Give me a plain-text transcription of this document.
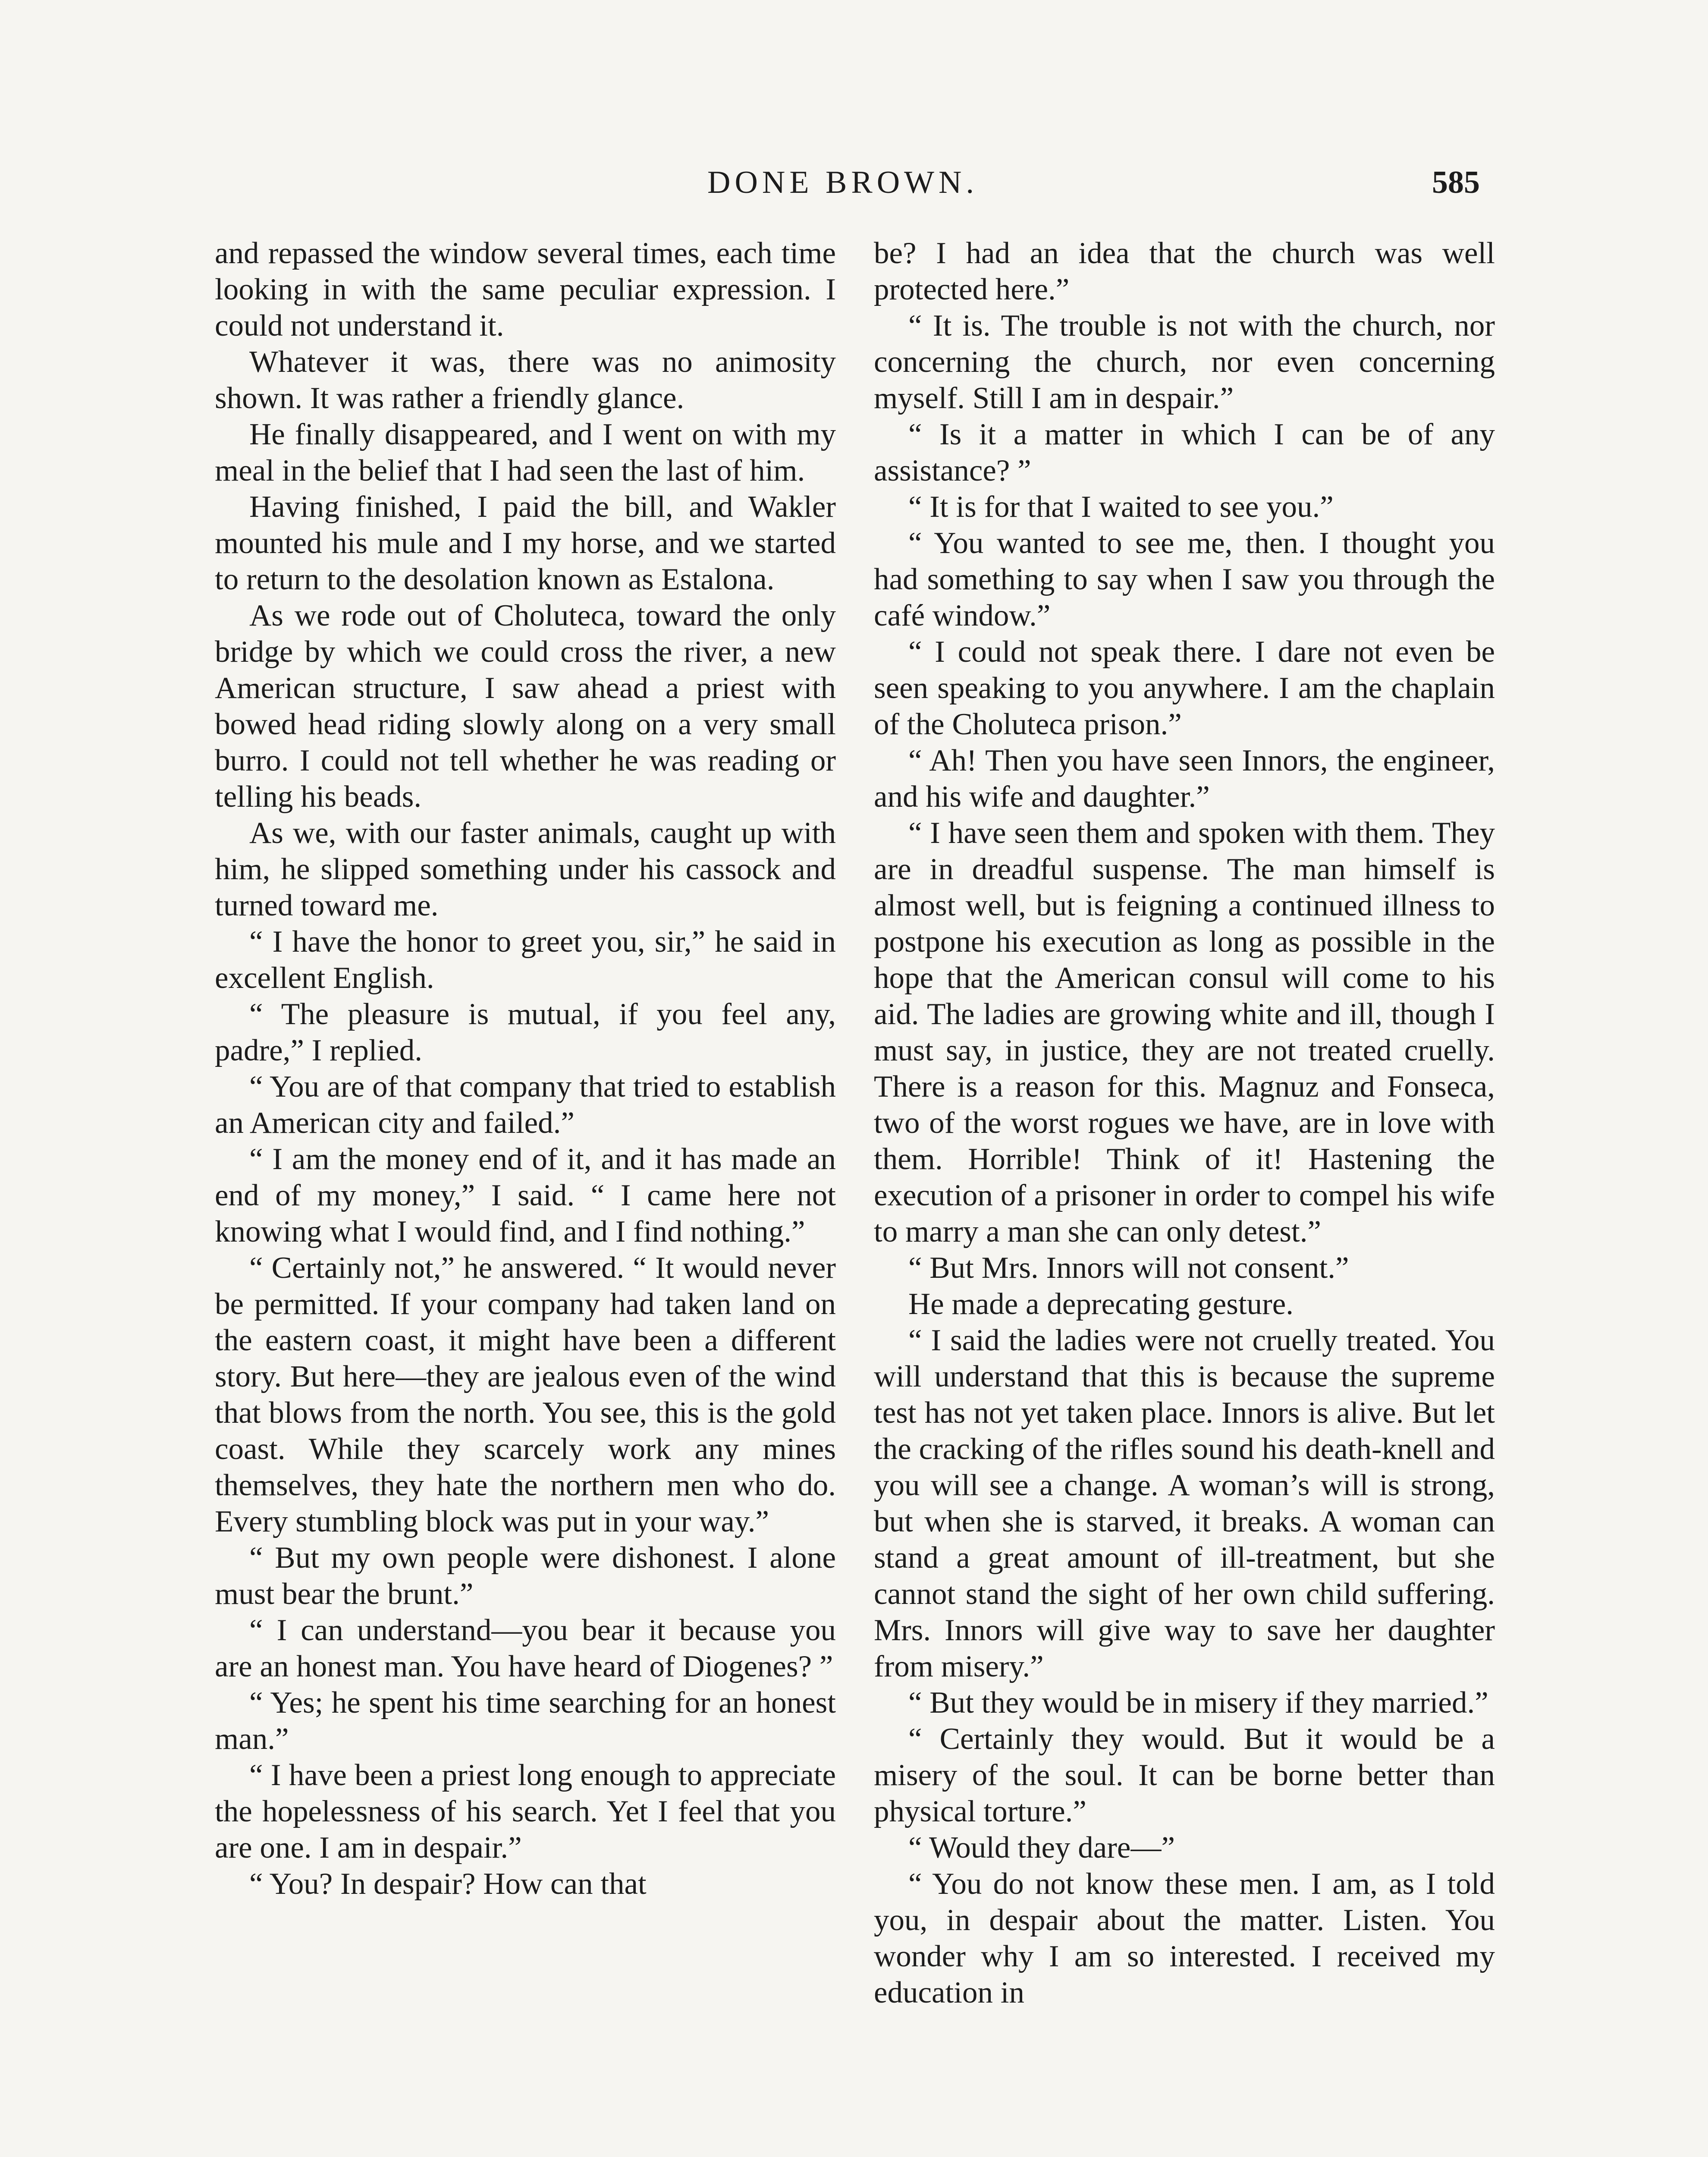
DONE BROWN.	585

and repassed the window several times, each time looking in with the same peculiar expression. I could not understand it.

Whatever it was, there was no animosity shown. It was rather a friendly glance.

He finally disappeared, and I went on with my meal in the belief that I had seen the last of him.

Having finished, I paid the bill, and Wakler mounted his mule and I my horse, and we started to return to the desolation known as Estalona.

As we rode out of Choluteca, toward the only bridge by which we could cross the river, a new American structure, I saw ahead a priest with bowed head riding slowly along on a very small burro. I could not tell whether he was reading or telling his beads.

As we, with our faster animals, caught up with him, he slipped something under his cassock and turned toward me.

“ I have the honor to greet you, sir,” he said in excellent English.

“ The pleasure is mutual, if you feel any, padre,” I replied.

“ You are of that company that tried to establish an American city and failed.”

“ I am the money end of it, and it has made an end of my money,” I said. “ I came here not knowing what I would find, and I find nothing.”

“ Certainly not,” he answered. “ It would never be permitted. If your company had taken land on the eastern coast, it might have been a different story. But here—they are jealous even of the wind that blows from the north. You see, this is the gold coast. While they scarcely work any mines themselves, they hate the northern men who do. Every stumbling block was put in your way.”

“ But my own people were dishonest. I alone must bear the brunt.”

“ I can understand—you bear it because you are an honest man. You have heard of Diogenes? ”

“ Yes; he spent his time searching for an honest man.”

“ I have been a priest long enough to appreciate the hopelessness of his search. Yet I feel that you are one. I am in despair.”

“ You? In despair? How can that

be? I had an idea that the church was well protected here.”

“ It is. The trouble is not with the church, nor concerning the church, nor even concerning myself. Still I am in despair.”

“ Is it a matter in which I can be of any assistance? ”

“ It is for that I waited to see you.”

“ You wanted to see me, then. I thought you had something to say when I saw you through the café window.”

“ I could not speak there. I dare not even be seen speaking to you anywhere. I am the chaplain of the Choluteca prison.”

“ Ah! Then you have seen Innors, the engineer, and his wife and daughter.”

“ I have seen them and spoken with them. They are in dreadful suspense. The man himself is almost well, but is feigning a continued illness to postpone his execution as long as possible in the hope that the American consul will come to his aid. The ladies are growing white and ill, though I must say, in justice, they are not treated cruelly. There is a reason for this. Magnuz and Fonseca, two of the worst rogues we have, are in love with them. Horrible! Think of it! Hastening the execution of a prisoner in order to compel his wife to marry a man she can only detest.”

“ But Mrs. Innors will not consent.”

He made a deprecating gesture.

“ I said the ladies were not cruelly treated. You will understand that this is because the supreme test has not yet taken place. Innors is alive. But let the cracking of the rifles sound his death-knell and you will see a change. A woman’s will is strong, but when she is starved, it breaks. A woman can stand a great amount of ill-treatment, but she cannot stand the sight of her own child suffering. Mrs. Innors will give way to save her daughter from misery.”

“ But they would be in misery if they married.”

“ Certainly they would. But it would be a misery of the soul. It can be borne better than physical torture.”

“ Would they dare—”

“ You do not know these men. I am, as I told you, in despair about the matter. Listen. You wonder why I am so interested. I received my education in
